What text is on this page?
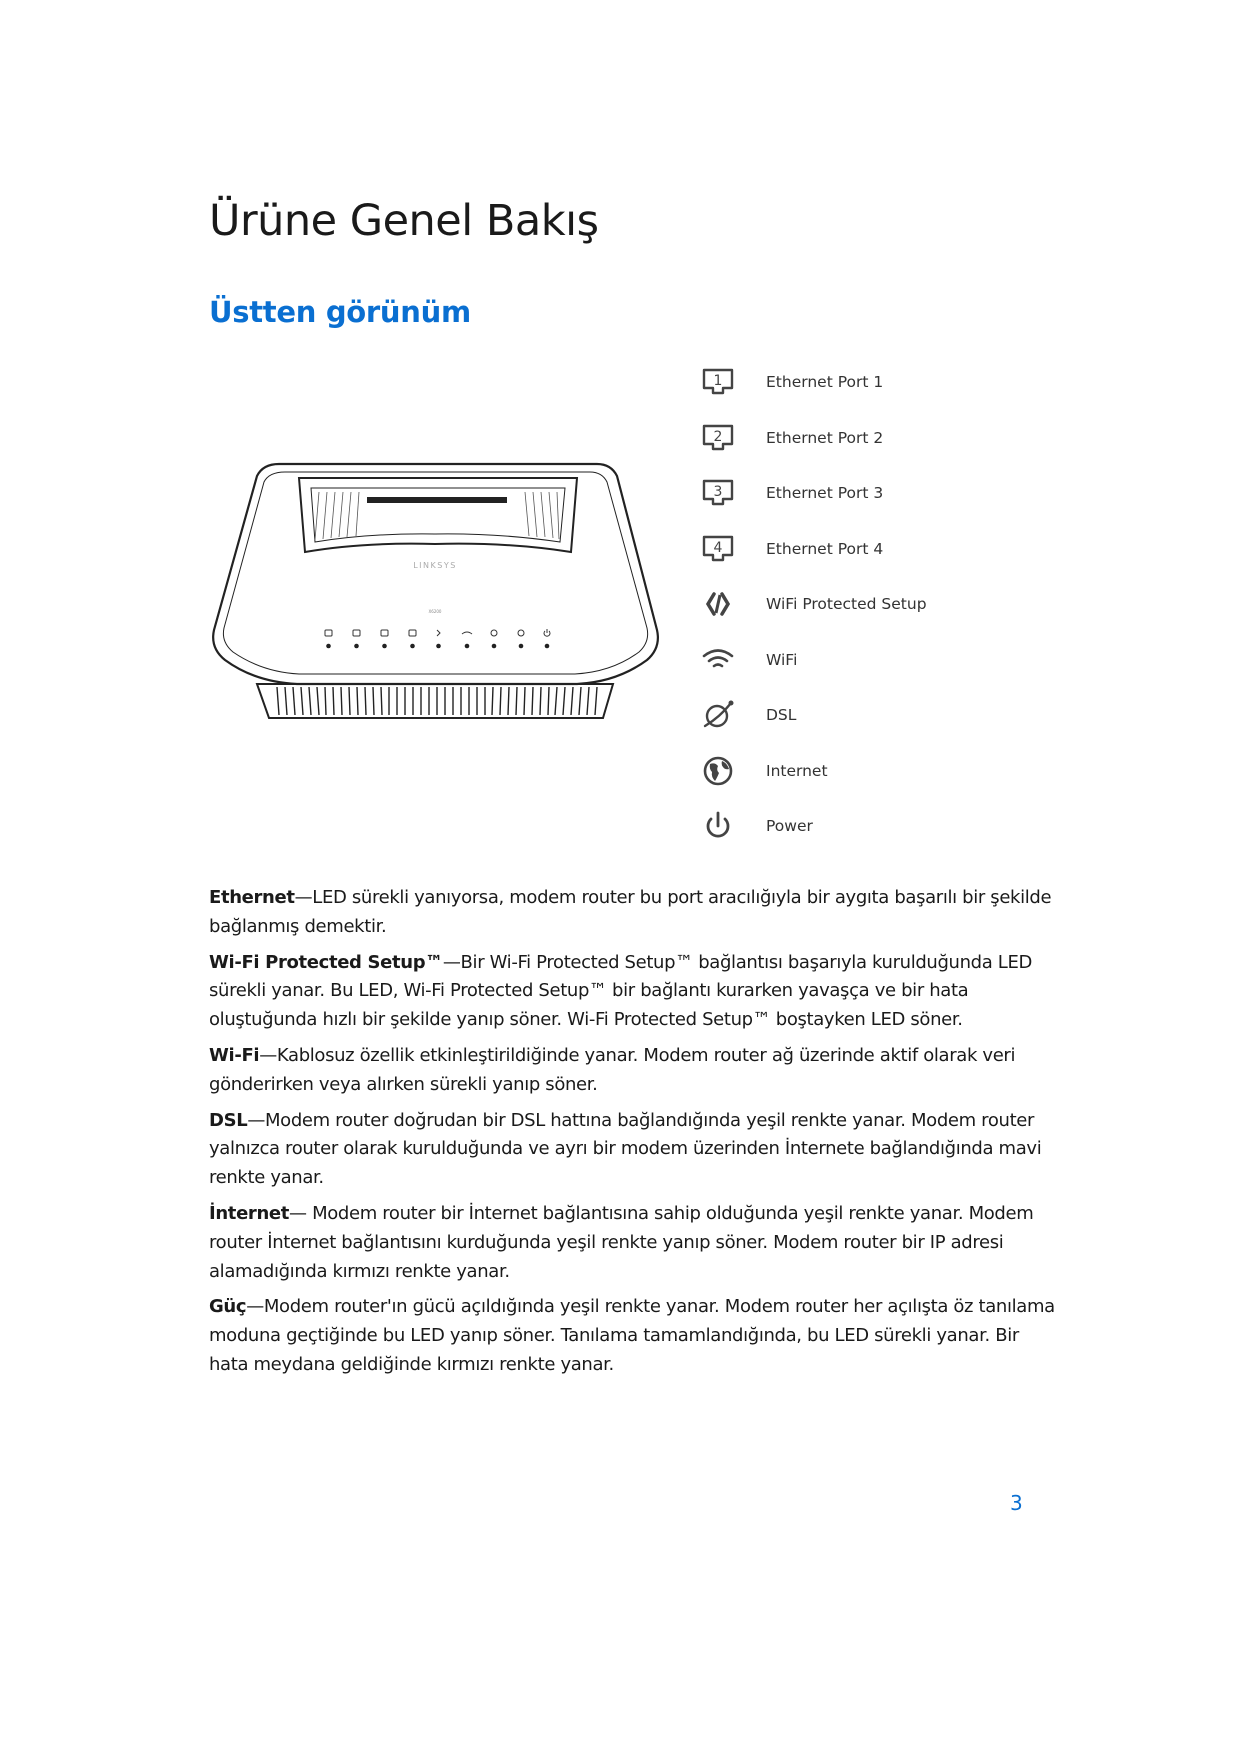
Ürüne Genel Bakış
Üstten görünüm
LINKSYS
X6200
1	Ethernet Port 1
2	Ethernet Port 2
3	Ethernet Port 3
4	Ethernet Port 4
WiFi Protected Setup
WiFi
DSL
Internet
Power

Ethernet—LED sürekli yanıyorsa, modem router bu port aracılığıyla bir aygıta başarılı bir şekilde bağlanmış demektir.

Wi-Fi Protected Setup™—Bir Wi-Fi Protected Setup™ bağlantısı başarıyla kurulduğunda LED sürekli yanar. Bu LED, Wi-Fi Protected Setup™ bir bağlantı kurarken yavaşça ve bir hata oluştuğunda hızlı bir şekilde yanıp söner. Wi-Fi Protected Setup™ boştayken LED söner.

Wi-Fi—Kablosuz özellik etkinleştirildiğinde yanar. Modem router ağ üzerinde aktif olarak veri gönderirken veya alırken sürekli yanıp söner.

DSL—Modem router doğrudan bir DSL hattına bağlandığında yeşil renkte yanar. Modem router yalnızca router olarak kurulduğunda ve ayrı bir modem üzerinden İnternete bağlandığında mavi renkte yanar.

İnternet— Modem router bir İnternet bağlantısına sahip olduğunda yeşil renkte yanar. Modem router İnternet bağlantısını kurduğunda yeşil renkte yanıp söner. Modem router bir IP adresi alamadığında kırmızı renkte yanar.

Güç—Modem router'ın gücü açıldığında yeşil renkte yanar. Modem router her açılışta öz tanılama moduna geçtiğinde bu LED yanıp söner. Tanılama tamamlandığında, bu LED sürekli yanar. Bir hata meydana geldiğinde kırmızı renkte yanar.

3
